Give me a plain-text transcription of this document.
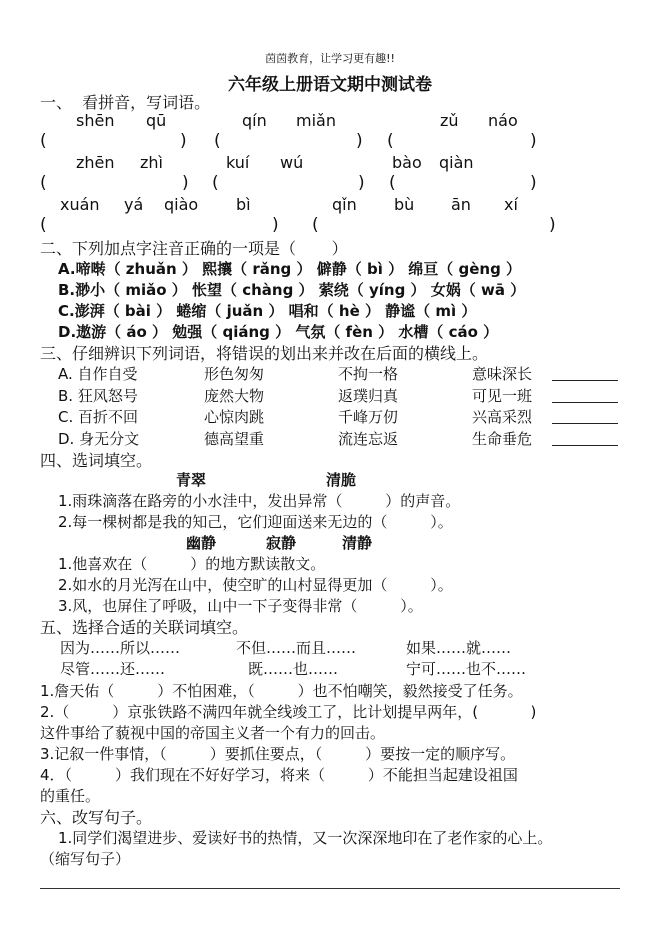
茵茵教育，让学习更有趣!!
六年级上册语文期中测试卷
一、  看拼音，写词语。
shēn qū	qín miǎn	zǔ náo
(	) (	) (	)
zhēn zhì	kuí wú	bào qiàn
(	) (	) (	)
xuán yá qiào bì	qǐn bù ān xí
(	) (	)
二、下列加点字注音正确的一项是（       ）
A.啼啭（ zhuǎn ） 熙攘（ rǎng ） 僻静（ bì ） 绵亘（ gèng ）
B.渺小（ miǎo ） 怅望（ chàng ） 萦绕（ yíng ） 女娲（ wā ）
C.澎湃（ bài ） 蜷缩（ juǎn ） 唱和（ hè ） 静谧（ mì ）
D.遨游（ áo ） 勉强（ qiáng ） 气氛（ fèn ） 水槽（ cáo ）
三、仔细辨识下列词语，将错误的划出来并改在后面的横线上。
A. 自作自受	形色匆匆	不拘一格	意味深长
B. 狂风怒号	庞然大物	返璞归真	可见一班
C. 百折不回	心惊肉跳	千峰万仞	兴高采烈
D. 身无分文	德高望重	流连忘返	生命垂危
四、选词填空。
青翠	清脆
1.雨珠滴落在路旁的小水洼中，发出异常（         ）的声音。
2.每一棵树都是我的知己，它们迎面送来无边的（         ）。
幽静	寂静	清静
1.他喜欢在（         ）的地方默读散文。
2.如水的月光泻在山中，使空旷的山村显得更加（         ）。
3.风，也屏住了呼吸，山中一下子变得非常（         ）。
五、选择合适的关联词填空。
因为……所以……	不但……而且……	如果……就……
尽管……还……	既……也……	宁可……也不……
1.詹天佑（         ）不怕困难，（         ）也不怕嘲笑，毅然接受了任务。
2.（         ）京张铁路不满四年就全线竣工了，比计划提早两年，(           )
这件事给了藐视中国的帝国主义者一个有力的回击。
3.记叙一件事情，（         ）要抓住要点，（         ）要按一定的顺序写。
4．（         ）我们现在不好好学习，将来（         ）不能担当起建设祖国
的重任。
六、改写句子。
1.同学们渴望进步、爱读好书的热情，又一次深深地印在了老作家的心上。
（缩写句子）
